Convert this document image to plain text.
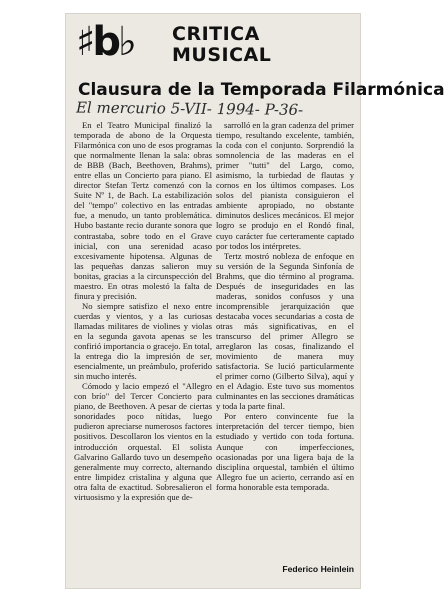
♯b♭ CRITICA
MUSICAL
Clausura de la Temporada Filarmónica
El mercurio 5-VII- 1994- P-36-

En el Teatro Municipal finalizó la temporada de abono de la Orquesta Filarmónica con uno de esos programas que normalmente llenan la sala: obras de BBB (Bach, Beethoven, Brahms), entre ellas un Concierto para piano. El director Stefan Tertz comenzó con la Suite Nº 1, de Bach. La estabilización del "tempo" colectivo en las entradas fue, a menudo, un tanto problemática. Hubo bastante recio durante sonora que contrastaba, sobre todo en el Grave inicial, con una serenidad acaso excesivamente hipotensa. Algunas de las pequeñas danzas salieron muy bonitas, gracias a la circunspección del maestro. En otras molestó la falta de finura y precisión.

No siempre satisfizo el nexo entre cuerdas y vientos, y a las curiosas llamadas militares de violines y violas en la segunda gavota apenas se les confirió importancia o gracejo. En total, la entrega dio la impresión de ser, esencialmente, un preámbulo, proferido sin mucho interés.

Cómodo y lacio empezó el "Allegro con brío" del Tercer Concierto para piano, de Beethoven. A pesar de ciertas sonoridades poco nítidas, luego pudieron apreciarse numerosos factores positivos. Descollaron los vientos en la introducción orquestal. El solista Galvarino Gallardo tuvo un desempeño generalmente muy correcto, alternando entre limpidez cristalina y alguna que otra falta de exactitud. Sobresalieron el virtuosismo y la expresión que de-

sarrolló en la gran cadenza del primer tiempo, resultando excelente, también, la coda con el conjunto. Sorprendió la somnolencia de las maderas en el primer "tutti" del Largo, como, asimismo, la turbiedad de flautas y cornos en los últimos compases. Los solos del pianista consiguieron el ambiente apropiado, no obstante diminutos deslices mecánicos. El mejor logro se produjo en el Rondó final, cuyo carácter fue certeramente captado por todos los intérpretes.

Tertz mostró nobleza de enfoque en su versión de la Segunda Sinfonía de Brahms, que dio término al programa. Después de inseguridades en las maderas, sonidos confusos y una incomprensible jerarquización que destacaba voces secundarias a costa de otras más significativas, en el transcurso del primer Allegro se arreglaron las cosas, finalizando el movimiento de manera muy satisfactoria. Se lució particularmente el primer corno (Gilberto Silva), aquí y en el Adagio. Este tuvo sus momentos culminantes en las secciones dramáticas y toda la parte final.

Por entero convincente fue la interpretación del tercer tiempo, bien estudiado y vertido con toda fortuna. Aunque con imperfecciones, ocasionadas por una ligera baja de la disciplina orquestal, también el último Allegro fue un acierto, cerrando así en forma honorable esta temporada.

Federico Heinlein
